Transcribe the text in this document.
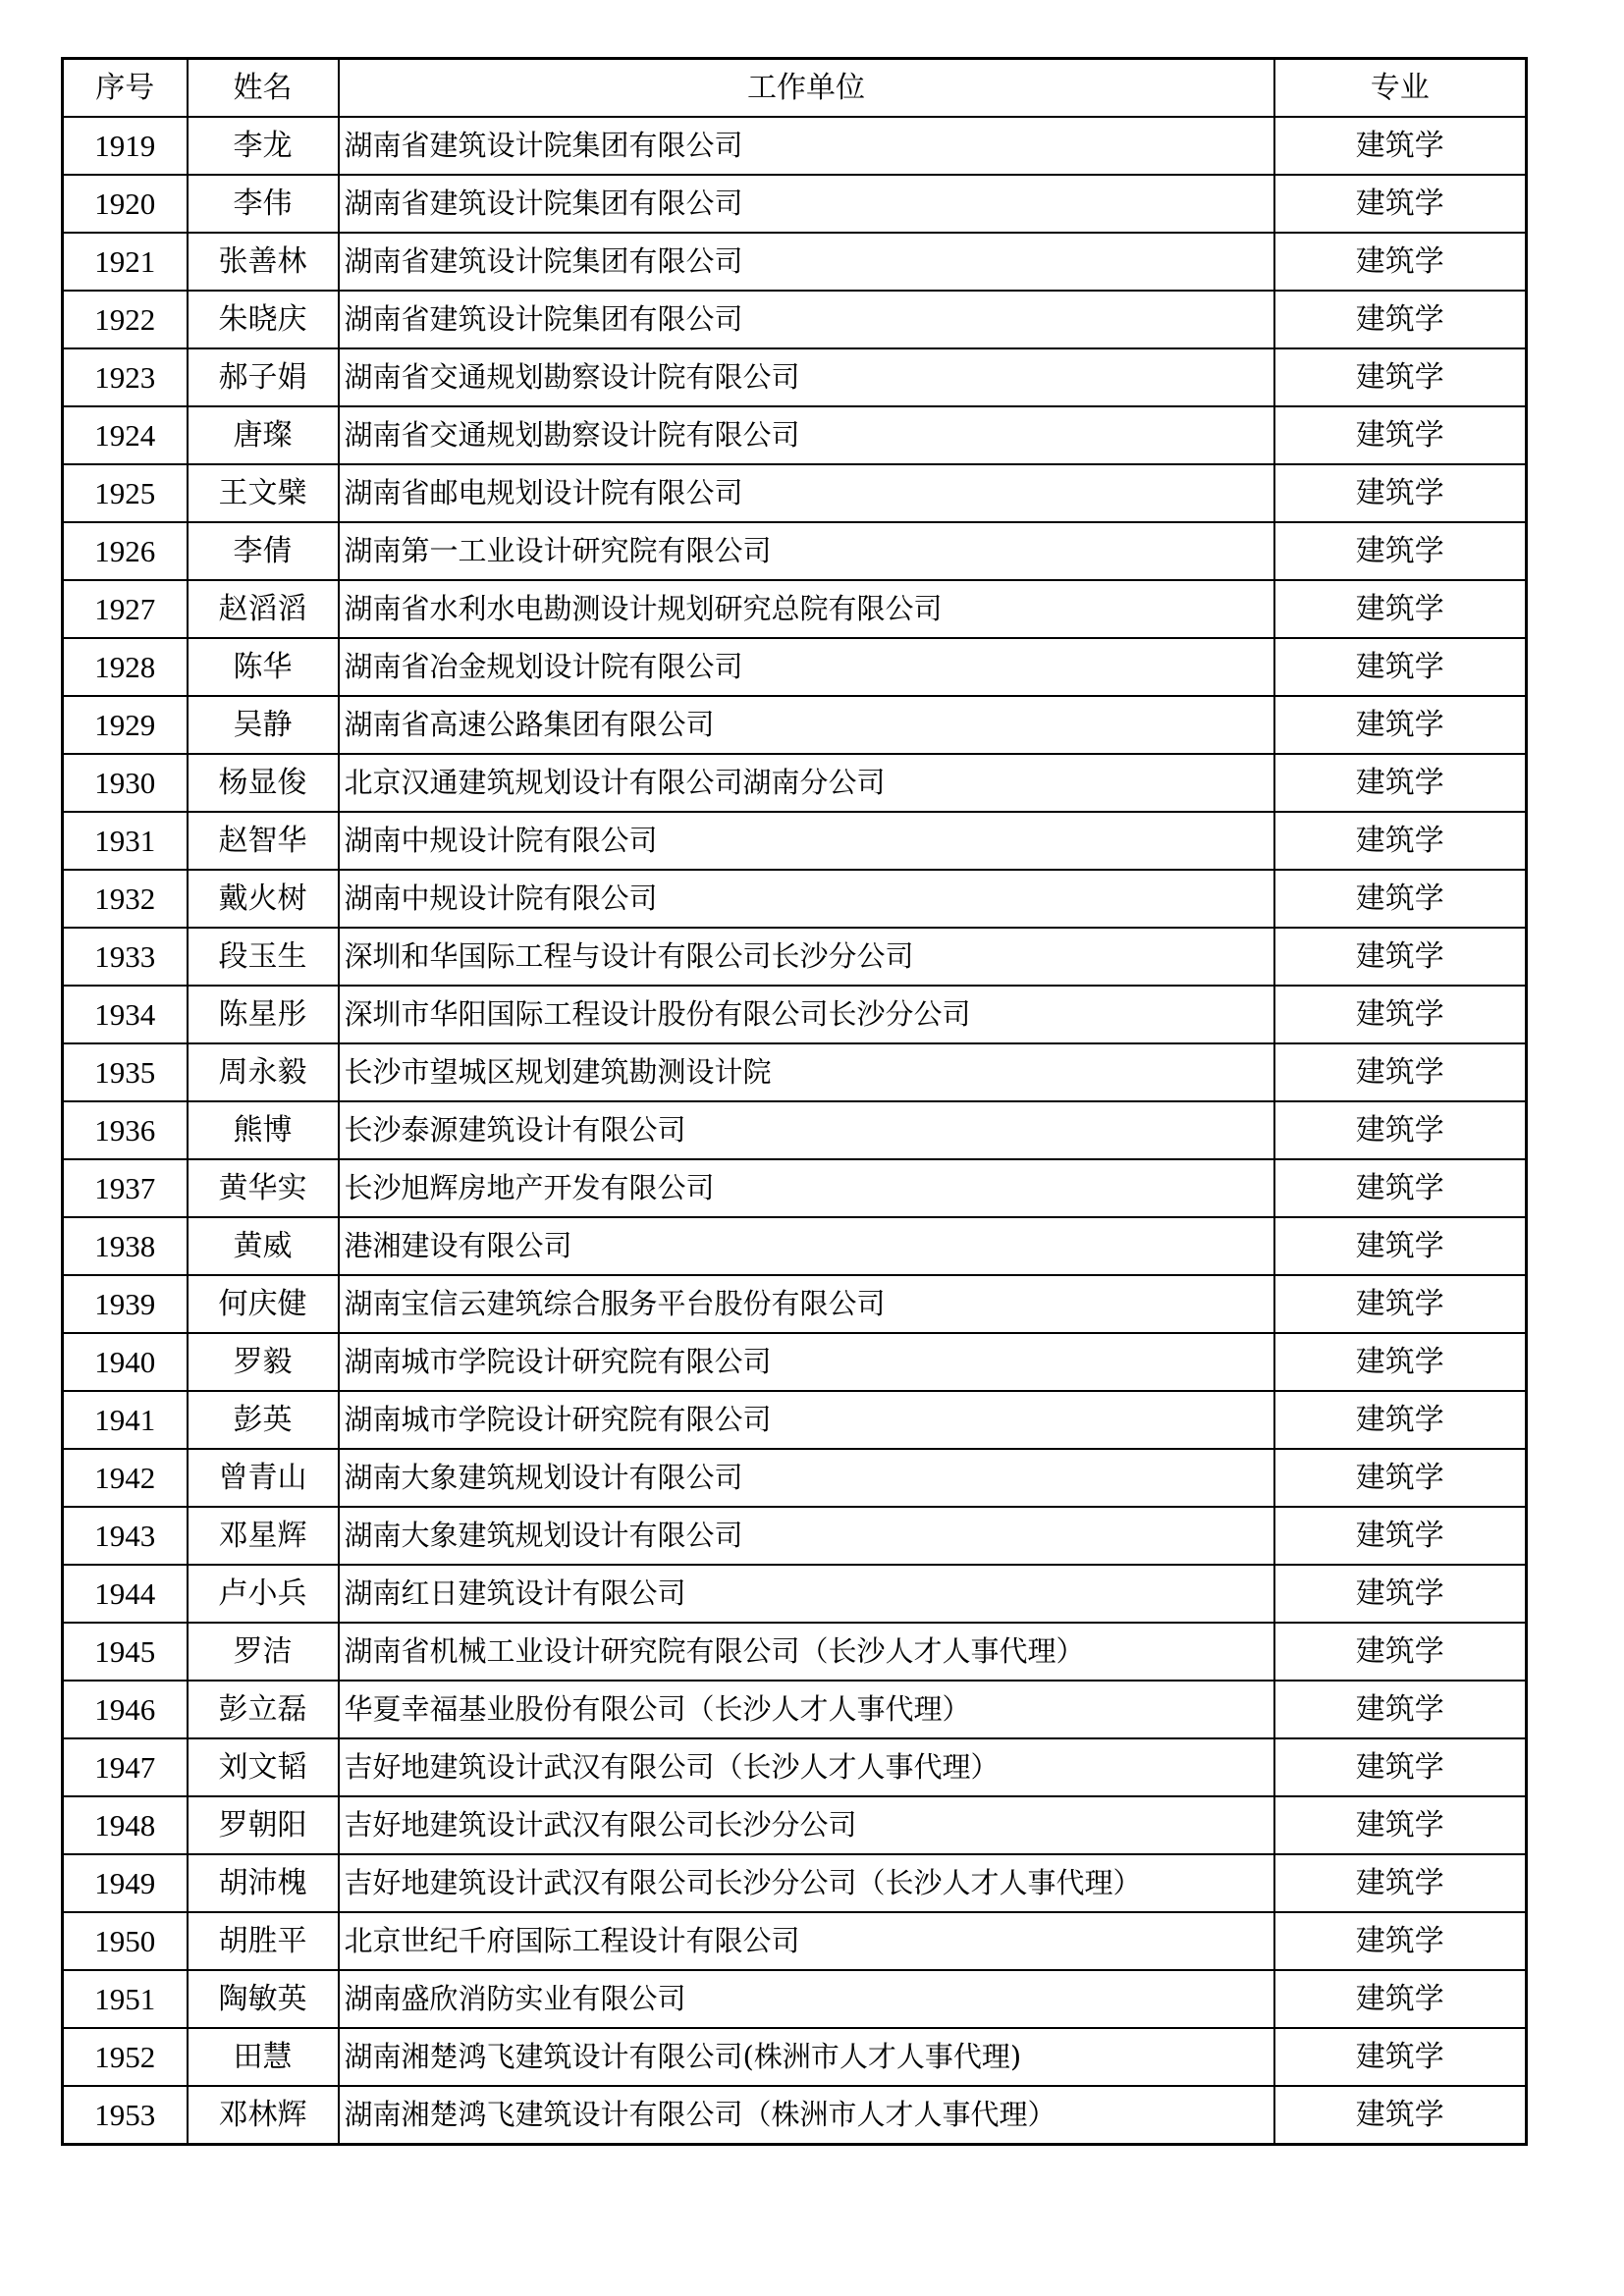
序号	姓名	工作单位	专业
1919	李龙	湖南省建筑设计院集团有限公司	建筑学
1920	李伟	湖南省建筑设计院集团有限公司	建筑学
1921	张善林	湖南省建筑设计院集团有限公司	建筑学
1922	朱晓庆	湖南省建筑设计院集团有限公司	建筑学
1923	郝子娟	湖南省交通规划勘察设计院有限公司	建筑学
1924	唐璨	湖南省交通规划勘察设计院有限公司	建筑学
1925	王文檗	湖南省邮电规划设计院有限公司	建筑学
1926	李倩	湖南第一工业设计研究院有限公司	建筑学
1927	赵滔滔	湖南省水利水电勘测设计规划研究总院有限公司	建筑学
1928	陈华	湖南省冶金规划设计院有限公司	建筑学
1929	吴静	湖南省高速公路集团有限公司	建筑学
1930	杨显俊	北京汉通建筑规划设计有限公司湖南分公司	建筑学
1931	赵智华	湖南中规设计院有限公司	建筑学
1932	戴火树	湖南中规设计院有限公司	建筑学
1933	段玉生	深圳和华国际工程与设计有限公司长沙分公司	建筑学
1934	陈星彤	深圳市华阳国际工程设计股份有限公司长沙分公司	建筑学
1935	周永毅	长沙市望城区规划建筑勘测设计院	建筑学
1936	熊博	长沙泰源建筑设计有限公司	建筑学
1937	黄华实	长沙旭辉房地产开发有限公司	建筑学
1938	黄威	港湘建设有限公司	建筑学
1939	何庆健	湖南宝信云建筑综合服务平台股份有限公司	建筑学
1940	罗毅	湖南城市学院设计研究院有限公司	建筑学
1941	彭英	湖南城市学院设计研究院有限公司	建筑学
1942	曾青山	湖南大象建筑规划设计有限公司	建筑学
1943	邓星辉	湖南大象建筑规划设计有限公司	建筑学
1944	卢小兵	湖南红日建筑设计有限公司	建筑学
1945	罗洁	湖南省机械工业设计研究院有限公司（长沙人才人事代理）	建筑学
1946	彭立磊	华夏幸福基业股份有限公司（长沙人才人事代理）	建筑学
1947	刘文韬	吉好地建筑设计武汉有限公司（长沙人才人事代理）	建筑学
1948	罗朝阳	吉好地建筑设计武汉有限公司长沙分公司	建筑学
1949	胡沛槐	吉好地建筑设计武汉有限公司长沙分公司（长沙人才人事代理）	建筑学
1950	胡胜平	北京世纪千府国际工程设计有限公司	建筑学
1951	陶敏英	湖南盛欣消防实业有限公司	建筑学
1952	田慧	湖南湘楚鸿飞建筑设计有限公司(株洲市人才人事代理)	建筑学
1953	邓林辉	湖南湘楚鸿飞建筑设计有限公司（株洲市人才人事代理）	建筑学
